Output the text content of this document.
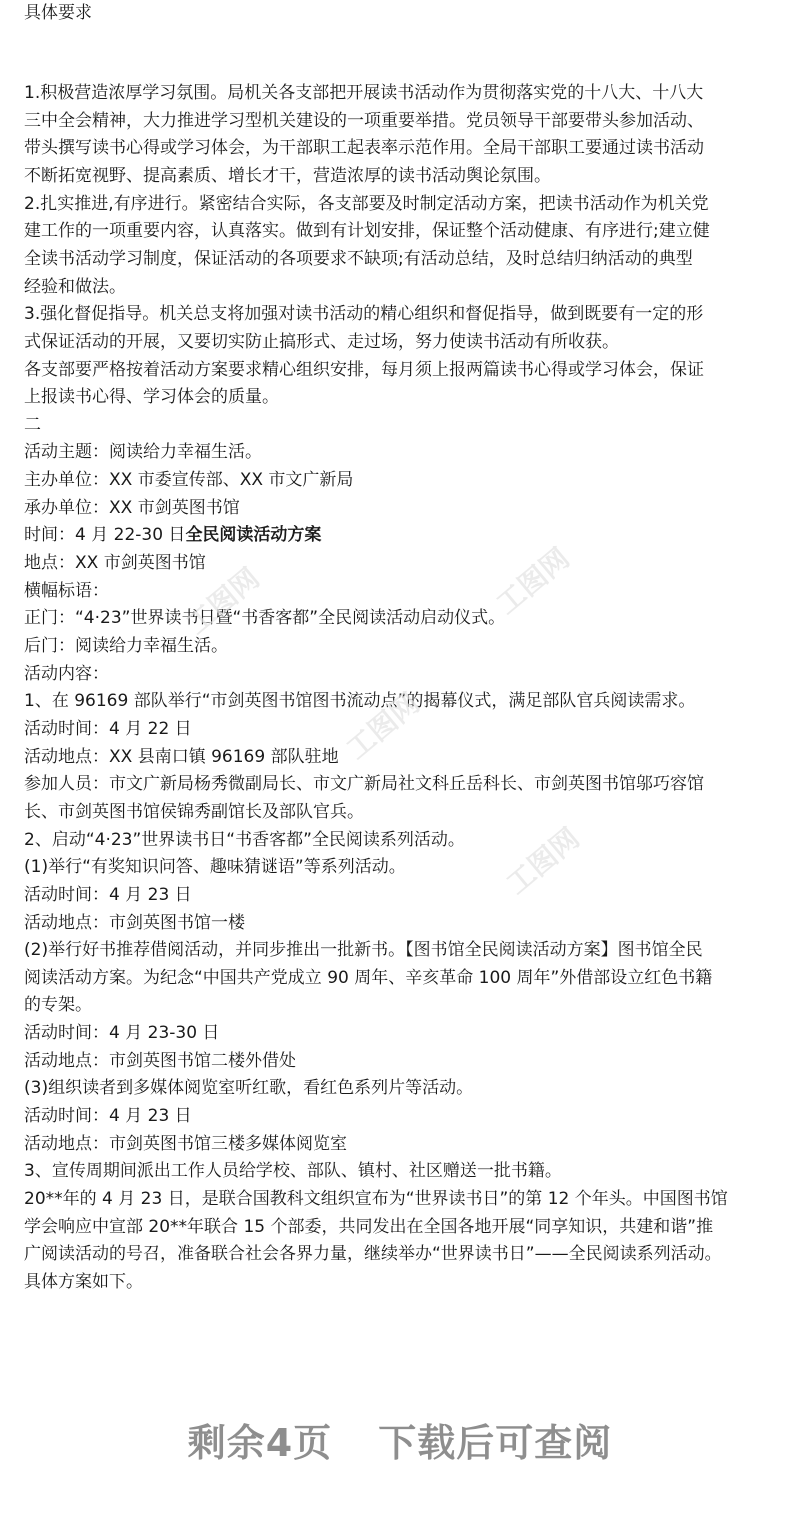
具体要求
1.积极营造浓厚学习氛围。局机关各支部把开展读书活动作为贯彻落实党的十八大、十八大
三中全会精神，大力推进学习型机关建设的一项重要举措。党员领导干部要带头参加活动、
带头撰写读书心得或学习体会，为干部职工起表率示范作用。全局干部职工要通过读书活动
不断拓宽视野、提高素质、增长才干，营造浓厚的读书活动舆论氛围。
2.扎实推进,有序进行。紧密结合实际，各支部要及时制定活动方案，把读书活动作为机关党
建工作的一项重要内容，认真落实。做到有计划安排，保证整个活动健康、有序进行;建立健
全读书活动学习制度，保证活动的各项要求不缺项;有活动总结，及时总结归纳活动的典型
经验和做法。
3.强化督促指导。机关总支将加强对读书活动的精心组织和督促指导，做到既要有一定的形
式保证活动的开展，又要切实防止搞形式、走过场，努力使读书活动有所收获。
各支部要严格按着活动方案要求精心组织安排，每月须上报两篇读书心得或学习体会，保证
上报读书心得、学习体会的质量。
二
活动主题：阅读给力幸福生活。
主办单位：XX 市委宣传部、XX 市文广新局
承办单位：XX 市剑英图书馆
时间：4 月 22-30 日全民阅读活动方案
地点：XX 市剑英图书馆
横幅标语：
正门：“4·23”世界读书日暨“书香客都”全民阅读活动启动仪式。
后门：阅读给力幸福生活。
活动内容：
1、在 96169 部队举行“市剑英图书馆图书流动点”的揭幕仪式，满足部队官兵阅读需求。
活动时间：4 月 22 日
活动地点：XX 县南口镇 96169 部队驻地
参加人员：市文广新局杨秀微副局长、市文广新局社文科丘岳科长、市剑英图书馆邬巧容馆
长、市剑英图书馆侯锦秀副馆长及部队官兵。
2、启动“4·23”世界读书日“书香客都”全民阅读系列活动。
(1)举行“有奖知识问答、趣味猜谜语”等系列活动。
活动时间：4 月 23 日
活动地点：市剑英图书馆一楼
(2)举行好书推荐借阅活动，并同步推出一批新书。【图书馆全民阅读活动方案】图书馆全民
阅读活动方案。为纪念“中国共产党成立 90 周年、辛亥革命 100 周年”外借部设立红色书籍
的专架。
活动时间：4 月 23-30 日
活动地点：市剑英图书馆二楼外借处
(3)组织读者到多媒体阅览室听红歌，看红色系列片等活动。
活动时间：4 月 23 日
活动地点：市剑英图书馆三楼多媒体阅览室
3、宣传周期间派出工作人员给学校、部队、镇村、社区赠送一批书籍。
20**年的 4 月 23 日，是联合国教科文组织宣布为“世界读书日”的第 12 个年头。中国图书馆
学会响应中宣部 20**年联合 15 个部委，共同发出在全国各地开展“同享知识，共建和谐”推
广阅读活动的号召，准备联合社会各界力量，继续举办“世界读书日”——全民阅读系列活动。
具体方案如下。
工图网	工图网
工图网
工图网
剩余4页 下载后可查阅
